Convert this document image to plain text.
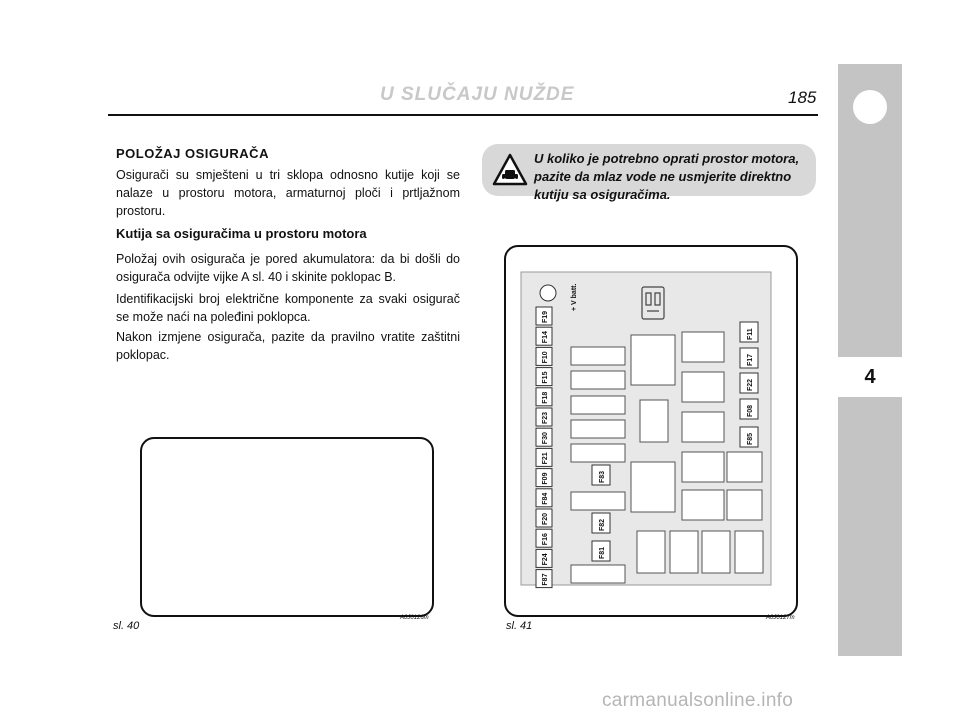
U SLUČAJU NUŽDE	185
4
POLOŽAJ OSIGURAČA
Osigurači su smješteni u tri sklopa odnosno kutije koji se nalaze u prostoru motora, armaturnoj ploči i prtljažnom prostoru.
Kutija sa osiguračima u prostoru motora
Položaj ovih osigurača je pored akumulatora: da bi došli do osigurača odvijte vijke A sl. 40 i skinite poklopac B.
Identifikacijski broj električne komponente za svaki osigurač se može naći na poleđini poklopca.
Nakon izmjene osigurača, pazite da pravilno vratite zaštitni poklopac.
U koliko je potrebno oprati prostor motora, pazite da mlaz vode ne usmjerite direktno kutiju sa osiguračima.
sl. 40
A0J0126m
+ V batt.
F19
F14
F10
F15
F18
F23
F30
F21
F09
F84
F20
F16
F24
F87
F83
F82
F81
F11
F17
F22
F08
F85
sl. 41
A0J0127m
carmanualsonline.info
